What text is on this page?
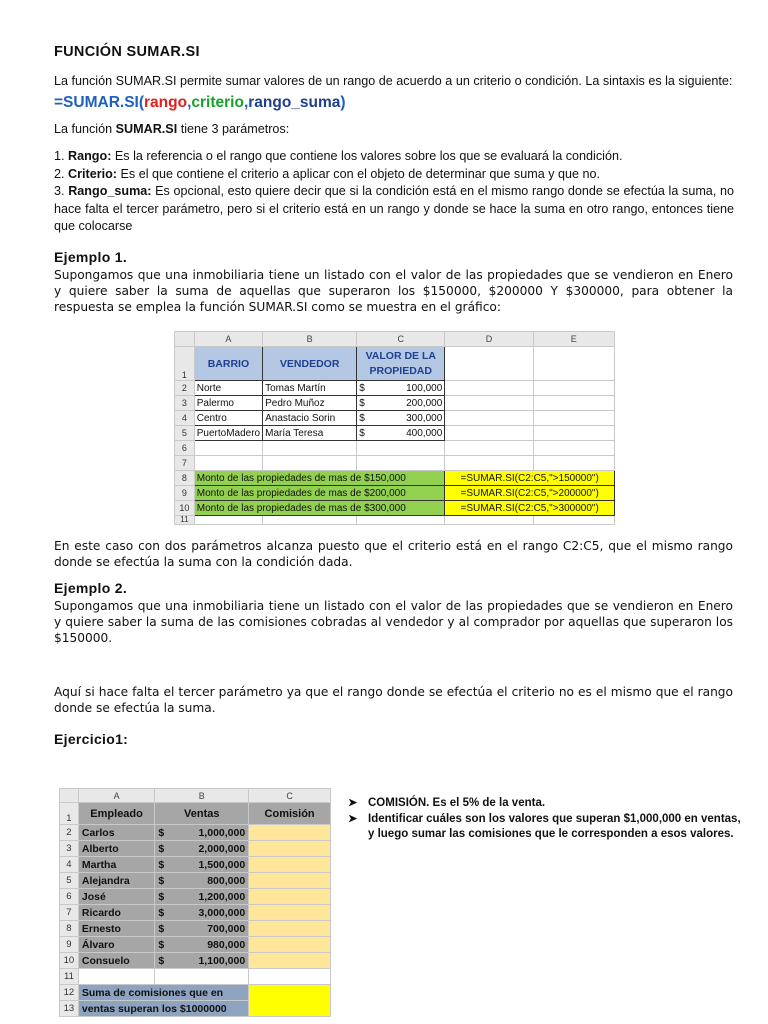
FUNCIÓN SUMAR.SI
La función SUMAR.SI permite sumar valores de un rango de acuerdo a un criterio o condición. La sintaxis es la siguiente:
=SUMAR.SI(rango,criterio,rango_suma)
La función SUMAR.SI tiene 3 parámetros:
1. Rango: Es la referencia o el rango que contiene los valores sobre los que se evaluará la condición.
2. Criterio: Es el que contiene el criterio a aplicar con el objeto de determinar que suma y que no.
3. Rango_suma: Es opcional, esto quiere decir que si la condición está en el mismo rango donde se efectúa la suma, no hace falta el tercer parámetro, pero si el criterio está en un rango y donde se hace la suma en otro rango, entonces tiene que colocarse
Ejemplo 1.
Supongamos que una inmobiliaria tiene un listado con el valor de las propiedades que se vendieron en Enero y quiere saber la suma de aquellas que superaron los $150000, $200000 Y $300000, para obtener la respuesta se emplea la función SUMAR.SI como se muestra en el gráfico:
	A	B	C	D	E
1	BARRIO	VENDEDOR	VALOR DE LA PROPIEDAD		
2	Norte	Tomas Martín	$ 100,000		

3	Palermo	Pedro Muñoz	$ 200,000		

4	Centro	Anastacio Sorin	$ 300,000		

5	PuertoMadero	María Teresa	$ 400,000		

6					
7					
8	Monto de las propiedades de mas de $150,000			=SUMAR.SI(C2:C5,">150000")	
9	Monto de las propiedades de mas de $200,000			=SUMAR.SI(C2:C5,">200000")	
10	Monto de las propiedades de mas de $300,000			=SUMAR.SI(C2:C5,">300000")	
11					
En este caso con dos parámetros alcanza puesto que el criterio está en el rango C2:C5, que el mismo rango donde se efectúa la suma con la condición dada.
Ejemplo 2.
Supongamos que una inmobiliaria tiene un listado con el valor de las propiedades que se vendieron en Enero y quiere saber la suma de las comisiones cobradas al vendedor y al comprador por aquellas que superaron los $150000.
Aquí si hace falta el tercer parámetro ya que el rango donde se efectúa el criterio no es el mismo que el rango donde se efectúa la suma.
Ejercicio1:
	A	B	C
1	Empleado	Ventas	Comisión
2	Carlos	$ 1,000,000	

3	Alberto	$ 2,000,000	

4	Martha	$ 1,500,000	

5	Alejandra	$ 800,000	

6	José	$ 1,200,000	

7	Ricardo	$ 3,000,000	

8	Ernesto	$ 700,000	

9	Álvaro	$ 980,000	

10	Consuelo	$ 1,100,000	

11			
12	Suma de comisiones que en		
13	ventas superan los $1000000		
➤ COMISIÓN. Es el 5% de la venta.
➤ Identificar cuáles son los valores que superan $1,000,000 en ventas, y luego sumar las comisiones que le corresponden a esos valores.
